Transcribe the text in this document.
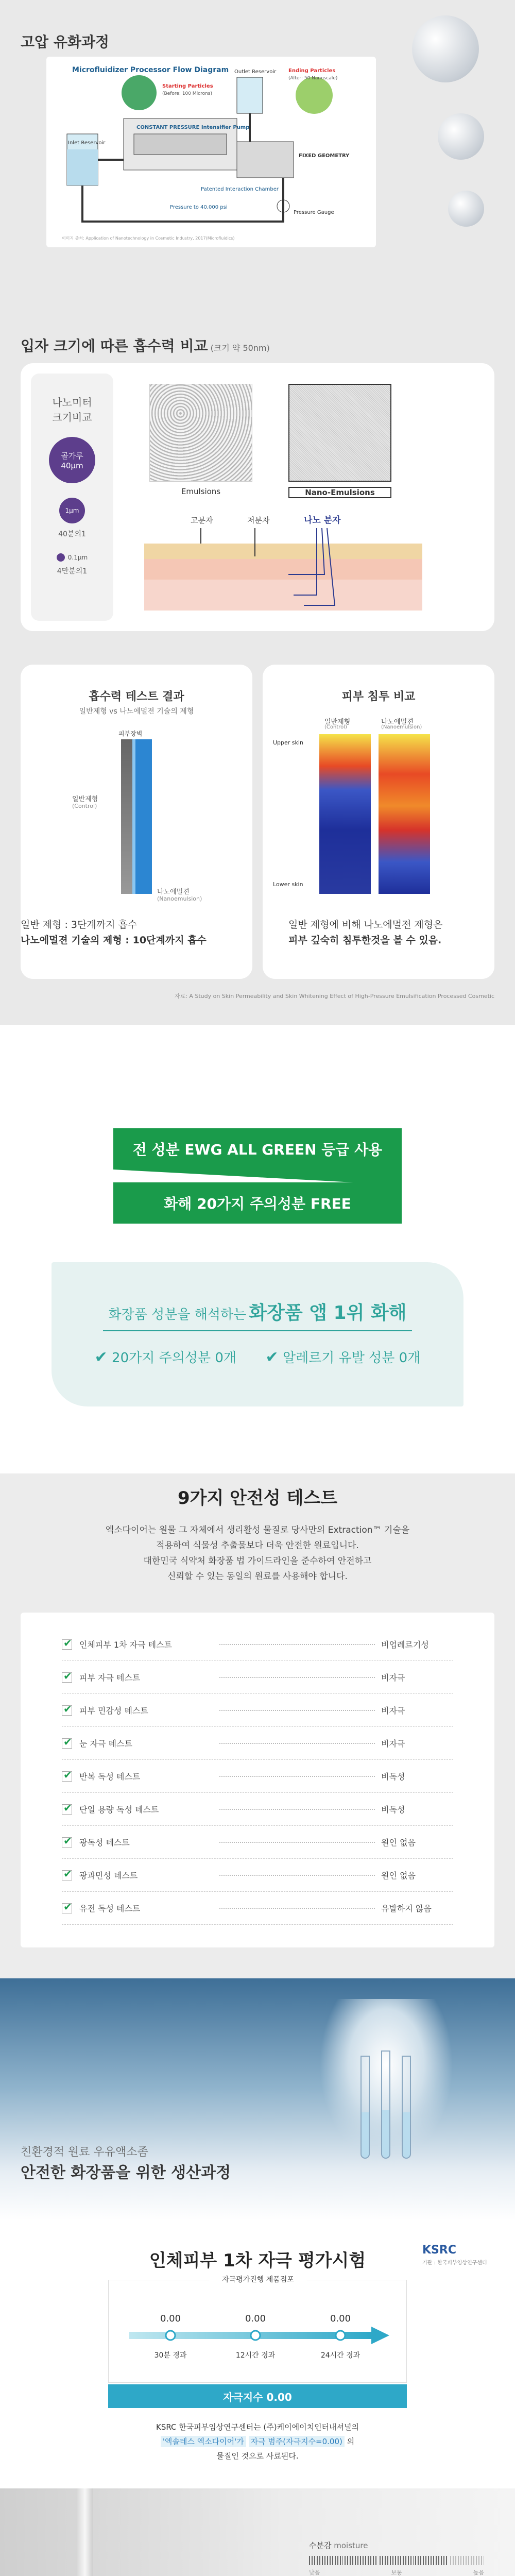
고압 유화과정
Microfluidizer Processor Flow Diagram
Inlet Reservoir
Starting Particles
(Before: 100 Microns)
CONSTANT PRESSURE Intensifier Pump
Outlet Reservoir Ending Particles
(After: 50 Nanoscale)
Patented Interaction Chamber
FIXED GEOMETRY
Pressure to 40,000 psi
Pressure Gauge
이미지 출처: Application of Nanotechnology in Cosmetic Industry, 2017(Microfluidics)
입자 크기에 따른 흡수력 비교 (크기 약 50nm)
나노미터
크기비교
골가루
40µm
1µm
40분의1
0.1µm
4만분의1
Emulsions	Nano-Emulsions
고분자	저분자	나노 분자
흡수력 테스트 결과
일반제형 vs 나노에멀젼 기술의 제형
피부장벽
일반제형
(Control)
나노에멀젼
(Nanoemulsion)
일반 제형 : 3단계까지 흡수
나노에멀젼 기술의 제형 : 10단계까지 흡수
피부 침투 비교
일반제형
(Control)
나노에멀젼
(Nanoemulsion)
Upper skin
Lower skin
일반 제형에 비해 나노에멀젼 제형은
피부 깊숙히 침투한것을 볼 수 있음.
자료: A Study on Skin Permeability and Skin Whitening Effect of High-Pressure Emulsification Processed Cosmetic
전 성분 EWG ALL GREEN 등급 사용
화해 20가지 주의성분 FREE
화장품 성분을 해석하는 화장품 앱 1위 화해
✔ 20가지 주의성분 0개 ✔ 알레르기 유발 성분 0개
9가지 안전성 테스트
엑소다이어는 원물 그 자체에서 생리활성 물질로 당사만의 Extraction™ 기술을
적용하여 식물성 추출물보다 더욱 안전한 원료입니다.
대한민국 식약처 화장품 법 가이드라인을 준수하여 안전하고
신뢰할 수 있는 동일의 원료를 사용해야 합니다.
✔ 인체피부 1차 자극 테스트	비업레르기성
✔ 피부 자극 테스트	비자극
✔ 피부 민감성 테스트	비자극
✔ 눈 자극 테스트	비자극
✔ 반복 독성 테스트	비독성
✔ 단일 용량 독성 테스트	비독성
✔ 광독성 테스트	원인 없음
✔ 광과민성 테스트	원인 없음
✔ 유전 독성 테스트	유발하지 않음
친환경적 원료 우유액소좀
안전한 화장품을 위한 생산과정
인체피부 1차 자극 평가시험
KSRC
기관 : 한국피부임상연구센터
자극평가진행 제품점포
0.00
30분 경과
0.00
12시간 경과
0.00
24시간 경과
자극지수 0.00
KSRC 한국피부임상연구센터는 (주)케이에이치인터내셔널의
'엑솔테스 엑소다이어'가 자극 범주(자극지수=0.00) 의
물질인 것으로 사료된다.
수분감 moisture
낮음	보통	높음
